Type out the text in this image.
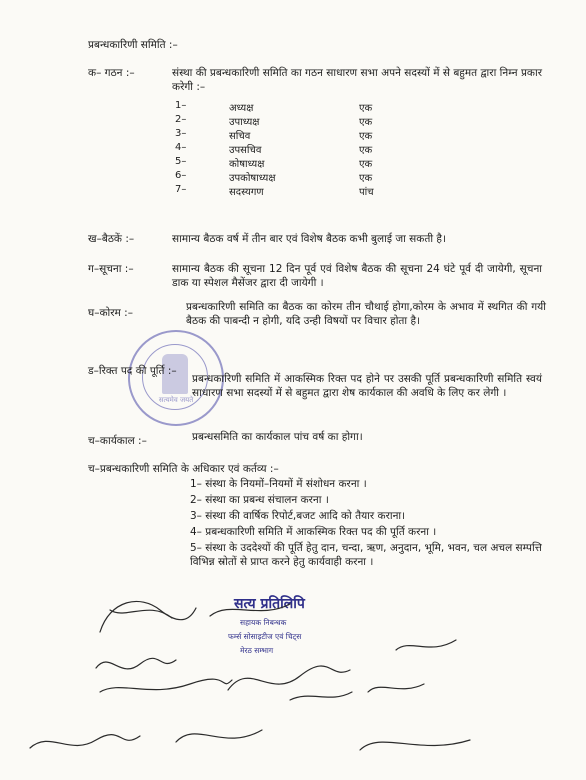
प्रबन्धकारिणी समिति :–
क– गठन :–	संस्था की प्रबन्धकारिणी समिति का गठन साधारण सभा अपने सदस्यों में से बहुमत द्वारा निम्न प्रकार करेगी :–
1–	अध्यक्ष	एक
2–	उपाध्यक्ष	एक
3–	सचिव	एक
4–	उपसचिव	एक
5–	कोषाध्यक्ष	एक
6–	उपकोषाध्यक्ष	एक
7–	सदस्यगण	पांच
ख–बैठकें :–	सामान्य बैठक वर्ष में तीन बार एवं विशेष बैठक कभी बुलाई जा सकती है।
ग–सूचना :–	सामान्य बैठक की सूचना 12 दिन पूर्व एवं विशेष बैठक की सूचना 24 घंटे पूर्व दी जायेगी, सूचना डाक या स्पेशल मैसेंजर द्वारा दी जायेगी ।
घ–कोरम :–	प्रबन्धकारिणी समिति का बैठक का कोरम तीन चौथाई होगा,कोरम के अभाव में स्थगित की गयी बैठक की पाबन्दी न होगी, यदि उन्ही विषयों पर विचार होता है।
सत्यमेव जयते
ड–रिक्त पद की पूर्ति :–
प्रबन्धकारिणी समिति में आकस्मिक रिक्त पद होने पर उसकी पूर्ति प्रबन्धकारिणी समिति स्वयं साधारण सभा सदस्यों में से बहुमत द्वारा शेष कार्यकाल की अवधि के लिए कर लेगी ।
च–कार्यकाल :–	प्रबन्धसमिति का कार्यकाल पांच वर्ष का होगा।
च–प्रबन्धकारिणी समिति के अधिकार एवं कर्तव्य :–
1– संस्था के नियमों–नियमों में संशोधन करना ।
2– संस्था का प्रबन्ध संचालन करना ।
3– संस्था की वार्षिक रिपोर्ट,बजट आदि को तैयार कराना।
4– प्रबन्धकारिणी समिति में आकस्मिक रिक्त पद की पूर्ति करना ।
5– संस्था के उददेश्यों की पूर्ति हेतु दान, चन्दा, ऋण, अनुदान, भूमि, भवन, चल अचल सम्पत्ति विभिन्न स्रोतों से प्राप्त करने हेतु कार्यवाही करना ।
सत्य प्रतिलिपि
सहायक निबन्धक
फर्म्स सोसाइटीज एवं चिट्स
मेरठ सम्भाग
